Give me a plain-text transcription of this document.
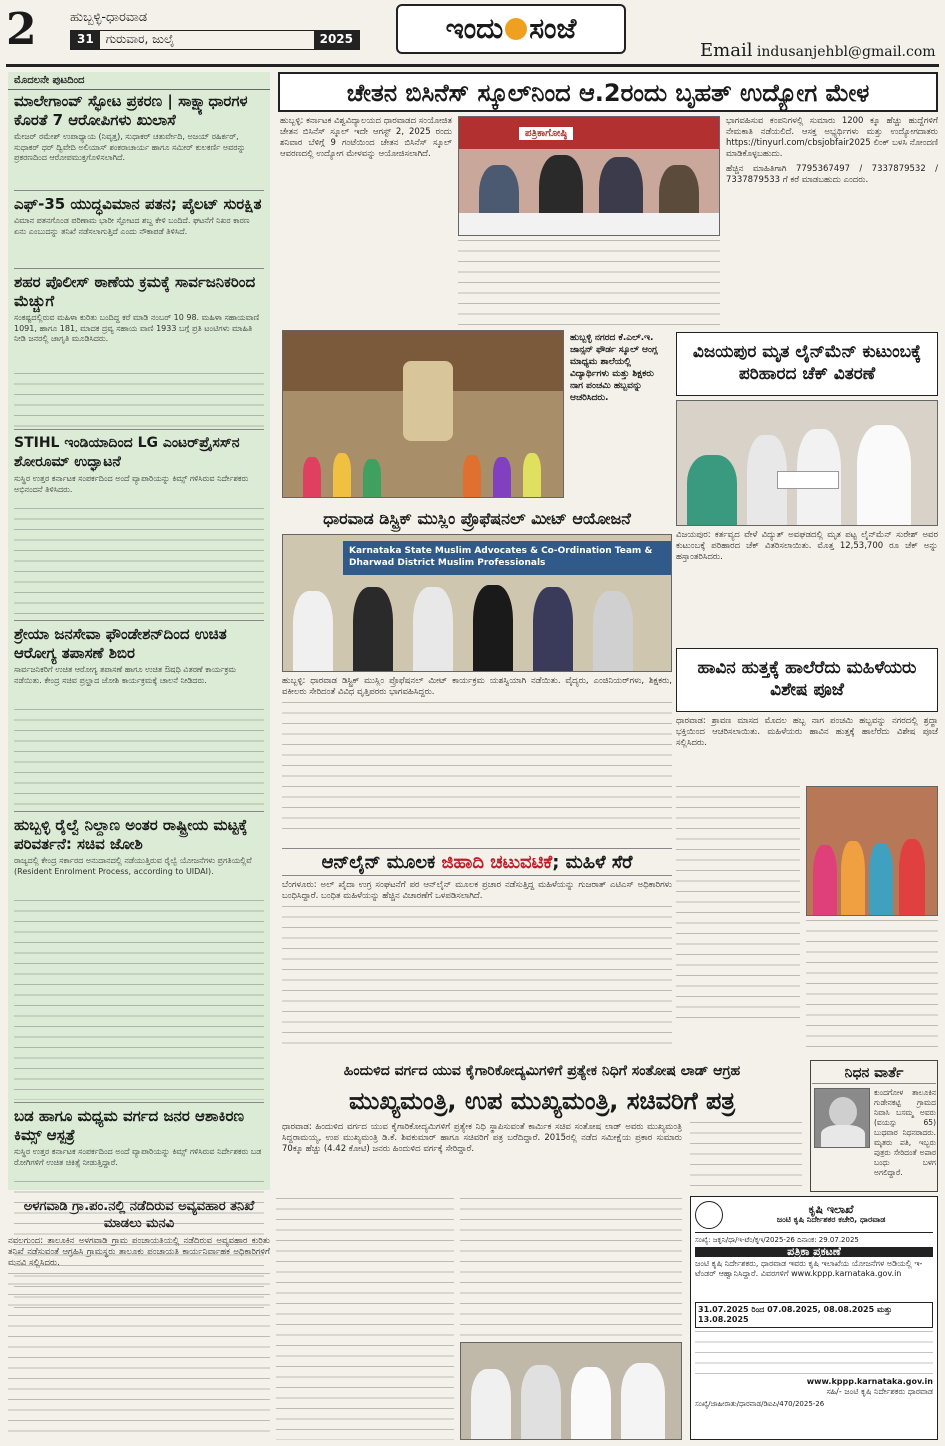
2	ಹುಬ್ಬಳ್ಳಿ-ಧಾರವಾಡ
31	ಗುರುವಾರ, ಜುಲೈ	2025	ಇಂದು ಸಂಜೆ
Email indusanjehbl@gmail.com
ಮೊದಲನೇ ಪುಟದಿಂದ
ಮಾಲೇಗಾಂವ್ ಸ್ಫೋಟ ಪ್ರಕರಣ | ಸಾಕ್ಷ್ಯಾಧಾರಗಳ ಕೊರತೆ 7 ಆರೋಪಿಗಳು ಖುಲಾಸೆ
ಮೇಜರ್ ರಮೇಶ್ ಉಪಾಧ್ಯಾಯ (ನಿವೃತ್ತ), ಸುಧಾಕರ್ ಚತುರ್ವೇದಿ, ಅಜಯ್ ರಹಿರ್ಕರ್, ಸುಧಾಕರ್ ಧರ್ ದ್ವಿವೇದಿ ಅಲಿಯಾಸ್ ಶಂಕರಾಚಾರ್ಯ ಹಾಗೂ ಸಮೀರ್ ಕುಲಕರ್ಣಿ ಅವರನ್ನು ಪ್ರಕರಣದಿಂದ ಆರೋಪಮುಕ್ತಗೊಳಿಸಲಾಗಿದೆ.
ಎಫ್-35 ಯುದ್ಧವಿಮಾನ ಪತನ; ಪೈಲಟ್ ಸುರಕ್ಷಿತ
ವಿಮಾನ ಪತನಗೊಂಡ ಪರಿಣಾಮ ಭಾರೀ ಸ್ಫೋಟದ ಶಬ್ದ ಕೇಳಿ ಬಂದಿದೆ. ಘಟನೆಗೆ ನಿಖರ ಕಾರಣ ಏನು ಎಂಬುದನ್ನು ತನಿಖೆ ನಡೆಸಲಾಗುತ್ತಿದೆ ಎಂದು ನೌಕಾಪಡೆ ತಿಳಿಸಿದೆ.
ಶಹರ ಪೊಲೀಸ್ ಠಾಣೆಯ ಕ್ರಮಕ್ಕೆ ಸಾರ್ವಜನಿಕರಿಂದ ಮೆಚ್ಚುಗೆ
ಸಂಕಷ್ಟದಲ್ಲಿರುವ ಮಹಿಳಾ ಕುರಿತು ಬಂದಿದ್ದ ಕರೆ ಮಾಡಿ ನಂಬರ್ 10 98. ಮಹಿಳಾ ಸಹಾಯವಾಣಿ 1091, ಹಾಗೂ 181, ಮಾದಕ ದ್ರವ್ಯ ಸಹಾಯ ವಾಣಿ 1933 ಬಗ್ಗೆ ಪ್ರತಿ ಟಂಟಿಗಳು ಮಾಹಿತಿ ನೀಡಿ ಜನರಲ್ಲಿ ಜಾಗೃತಿ ಮೂಡಿಸಿದರು.
STIHL ಇಂಡಿಯಾದಿಂದ LG ಎಂಟರ್‌ಪ್ರೈಸಸ್‌ನ ಶೋರೂಮ್ ಉದ್ಘಾಟನೆ
ಸುಸ್ಥಿರ ಉತ್ತರ ಕರ್ನಾಟಕ ಸಂಪರ್ಕದಿಂದ ಅಂದೆ ವ್ಯಾಪಾರಿಯನ್ನು ಕಿಮ್ಸ್ ಗಳಿಸಿರುವ ನಿರ್ದೇಶಕರು ಅಭಿನಂದನೆ ತಿಳಿಸಿದರು.
ಶ್ರೇಯಾ ಜನಸೇವಾ ಫೌಂಡೇಶನ್‌ದಿಂದ ಉಚಿತ ಆರೋಗ್ಯ ತಪಾಸಣೆ ಶಿಬಿರ
ಸಾರ್ವಜನಿಕರಿಗೆ ಉಚಿತ ಆರೋಗ್ಯ ತಪಾಸಣೆ ಹಾಗೂ ಉಚಿತ ಔಷಧಿ ವಿತರಣೆ ಕಾರ್ಯಕ್ರಮ ನಡೆಯಿತು. ಕೇಂದ್ರ ಸಚಿವ ಪ್ರಲ್ಹಾದ ಜೋಶಿ ಕಾರ್ಯಕ್ರಮಕ್ಕೆ ಚಾಲನೆ ನೀಡಿದರು.
ಹುಬ್ಬಳ್ಳಿ ರೈಲ್ವೆ ನಿಲ್ದಾಣ ಅಂತರ ರಾಷ್ಟ್ರೀಯ ಮಟ್ಟಕ್ಕೆ ಪರಿವರ್ತನೆ: ಸಚಿವ ಜೋಶಿ
ರಾಜ್ಯದಲ್ಲಿ ಕೇಂದ್ರ ಸರ್ಕಾರದ ಅನುದಾನದಲ್ಲಿ ನಡೆಯುತ್ತಿರುವ ರೈಲ್ವೆ ಯೋಜನೆಗಳು ಪ್ರಗತಿಯಲ್ಲಿವೆ (Resident Enrolment Process, according to UIDAI).
ಬಡ ಹಾಗೂ ಮಧ್ಯಮ ವರ್ಗದ ಜನರ ಆಶಾಕಿರಣ ಕಿಮ್ಸ್ ಆಸ್ಪತ್ರೆ
ಸುಸ್ಥಿರ ಉತ್ತರ ಕರ್ನಾಟಕ ಸಂಪರ್ಕದಿಂದ ಅಂದೆ ವ್ಯಾಪಾರಿಯನ್ನು ಕಿಮ್ಸ್ ಗಳಿಸಿರುವ ನಿರ್ದೇಶಕರು ಬಡ ರೋಗಿಗಳಿಗೆ ಉಚಿತ ಚಿಕಿತ್ಸೆ ನೀಡುತ್ತಿದ್ದಾರೆ.
ಚೇತನ ಬಿಸಿನೆಸ್ ಸ್ಕೂಲ್‌ನಿಂದ ಆ.2ರಂದು ಬೃಹತ್ ಉದ್ಯೋಗ ಮೇಳ
ಹುಬ್ಬಳ್ಳಿ: ಕರ್ನಾಟಕ ವಿಶ್ವವಿದ್ಯಾಲಯದ ಧಾರವಾಡದ ಸಂಯೋಜಿತ ಚೇತನ ಬಿಸಿನೆಸ್ ಸ್ಕೂಲ್ ಇದೇ ಆಗಸ್ಟ್ 2, 2025 ರಂದು ಶನಿವಾರ ಬೆಳಿಗ್ಗೆ 9 ಗಂಟೆಯಿಂದ ಚೇತನ ಬಿಸಿನೆಸ್ ಸ್ಕೂಲ್ ಆವರಣದಲ್ಲಿ ಉದ್ಯೋಗ ಮೇಳವನ್ನು ಆಯೋಜಿಸಲಾಗಿದೆ.
ಪತ್ರಿಕಾಗೋಷ್ಠಿ

ಭಾಗವಹಿಸುವ ಕಂಪನಿಗಳಲ್ಲಿ ಸುಮಾರು 1200 ಕ್ಕೂ ಹೆಚ್ಚು ಹುದ್ದೆಗಳಿಗೆ ನೇಮಕಾತಿ ನಡೆಯಲಿದೆ. ಆಸಕ್ತ ಅಭ್ಯರ್ಥಿಗಳು ಮತ್ತು ಉದ್ಯೋಗದಾತರು https://tinyurl.com/cbsjobfair2025 ಲಿಂಕ್ ಬಳಸಿ ನೋಂದಣಿ ಮಾಡಿಕೊಳ್ಳಬಹುದು.

ಹೆಚ್ಚಿನ ಮಾಹಿತಿಗಾಗಿ 7795367497 / 7337879532 / 7337879533 ಗೆ ಕರೆ ಮಾಡಬಹುದು ಎಂದರು.

ಹುಬ್ಬಳ್ಳಿ ನಗರದ ಕೆ.ಎಲ್.ಇ. ಜಾನ್ಸನ್ ಫೌರ್ಡ ಸ್ಕೂಲ್ ಆಂಗ್ಲ ಮಾಧ್ಯಮ ಶಾಲೆಯಲ್ಲಿ ವಿದ್ಯಾರ್ಥಿಗಳು ಮತ್ತು ಶಿಕ್ಷಕರು ನಾಗ ಪಂಚಮಿ ಹಬ್ಬವನ್ನು ಆಚರಿಸಿದರು.
ವಿಜಯಪುರ ಮೃತ ಲೈನ್‌ಮೆನ್ ಕುಟುಂಬಕ್ಕೆ ಪರಿಹಾರದ ಚೆಕ್ ವಿತರಣೆ
ವಿಜಯಪುರ: ಕರ್ತವ್ಯದ ವೇಳೆ ವಿದ್ಯುತ್ ಅವಘಡದಲ್ಲಿ ಮೃತ ಪಟ್ಟ ಲೈನ್‌ಮೆನ್ ಸುರೇಶ್ ಅವರ ಕುಟುಂಬಕ್ಕೆ ಪರಿಹಾರದ ಚೆಕ್ ವಿತರಿಸಲಾಯಿತು. ಮೊತ್ತ 12,53,700 ರೂ ಚೆಕ್ ಅನ್ನು ಹಸ್ತಾಂತರಿಸಿದರು.
ಧಾರವಾಡ ಡಿಸ್ಟ್ರಿಕ್ ಮುಸ್ಲಿಂ ಪ್ರೊಫೆಷನಲ್ ಮೀಟ್ ಆಯೋಜನೆ
Karnataka State Muslim Advocates & Co-Ordination Team & Dharwad District Muslim Professionals

ಹುಬ್ಬಳ್ಳಿ: ಧಾರವಾಡ ಡಿಸ್ಟ್ರಿಕ್ ಮುಸ್ಲಿಂ ಪ್ರೊಫೆಷನಲ್ ಮೀಟ್ ಕಾರ್ಯಕ್ರಮ ಯಶಸ್ವಿಯಾಗಿ ನಡೆಯಿತು. ವೈದ್ಯರು, ಎಂಜಿನಿಯರ್‌ಗಳು, ಶಿಕ್ಷಕರು, ವಕೀಲರು ಸೇರಿದಂತೆ ವಿವಿಧ ವೃತ್ತಿಪರರು ಭಾಗವಹಿಸಿದ್ದರು.

ಹಾವಿನ ಹುತ್ತಕ್ಕೆ ಹಾಲೆರೆದು ಮಹಿಳೆಯರು ವಿಶೇಷ ಪೂಜೆ
ಧಾರವಾಡ: ಶ್ರಾವಣ ಮಾಸದ ಮೊದಲ ಹಬ್ಬ ನಾಗ ಪಂಚಮಿ ಹಬ್ಬವನ್ನು ನಗರದಲ್ಲಿ ಶ್ರದ್ಧಾ ಭಕ್ತಿಯಿಂದ ಆಚರಿಸಲಾಯಿತು. ಮಹಿಳೆಯರು ಹಾವಿನ ಹುತ್ತಕ್ಕೆ ಹಾಲೆರೆದು ವಿಶೇಷ ಪೂಜೆ ಸಲ್ಲಿಸಿದರು.
ಆನ್‌ಲೈನ್ ಮೂಲಕ ಜಿಹಾದಿ ಚಟುವಟಿಕೆ; ಮಹಿಳೆ ಸೆರೆ

ಬೆಂಗಳೂರು: ಅಲ್ ಖೈದಾ ಉಗ್ರ ಸಂಘಟನೆಗೆ ಪರ ಆನ್‌ಲೈನ್ ಮೂಲಕ ಪ್ರಚಾರ ನಡೆಸುತ್ತಿದ್ದ ಮಹಿಳೆಯನ್ನು ಗುಜರಾತ್ ಎಟಿಎಸ್ ಅಧಿಕಾರಿಗಳು ಬಂಧಿಸಿದ್ದಾರೆ. ಬಂಧಿತ ಮಹಿಳೆಯನ್ನು ಹೆಚ್ಚಿನ ವಿಚಾರಣೆಗೆ ಒಳಪಡಿಸಲಾಗಿದೆ.

ಹಿಂದುಳಿದ ವರ್ಗದ ಯುವ ಕೈಗಾರಿಕೋದ್ಯಮಿಗಳಿಗೆ ಪ್ರತ್ಯೇಕ ನಿಧಿಗೆ ಸಂತೋಷ ಲಾಡ್ ಆಗ್ರಹ
ಮುಖ್ಯಮಂತ್ರಿ, ಉಪ ಮುಖ್ಯಮಂತ್ರಿ, ಸಚಿವರಿಗೆ ಪತ್ರ
ಧಾರವಾಡ: ಹಿಂದುಳಿದ ವರ್ಗದ ಯುವ ಕೈಗಾರಿಕೋದ್ಯಮಿಗಳಿಗೆ ಪ್ರತ್ಯೇಕ ನಿಧಿ ಸ್ಥಾಪಿಸುವಂತೆ ಕಾರ್ಮಿಕ ಸಚಿವ ಸಂತೋಷ ಲಾಡ್ ಅವರು ಮುಖ್ಯಮಂತ್ರಿ ಸಿದ್ದರಾಮಯ್ಯ, ಉಪ ಮುಖ್ಯಮಂತ್ರಿ ಡಿ.ಕೆ. ಶಿವಕುಮಾರ್ ಹಾಗೂ ಸಚಿವರಿಗೆ ಪತ್ರ ಬರೆದಿದ್ದಾರೆ. 2015ರಲ್ಲಿ ನಡೆದ ಸಮೀಕ್ಷೆಯ ಪ್ರಕಾರ ಸುಮಾರು 70ಕ್ಕೂ ಹೆಚ್ಚು (4.42 ಕೋಟಿ) ಜನರು ಹಿಂದುಳಿದ ವರ್ಗಕ್ಕೆ ಸೇರಿದ್ದಾರೆ.
ನಿಧನ ವಾರ್ತೆ
ಕುಂದಗೋಳ ತಾಲೂಕಿನ ಗುಡೇನಕಟ್ಟಿ ಗ್ರಾಮದ ನಿವಾಸಿ ಬಸಮ್ಮ ಅವರು (ವಯಸ್ಸು 65) ಬುಧವಾರ ನಿಧನರಾದರು. ಮೃತರು ಪತಿ, ಇಬ್ಬರು ಪುತ್ರರು ಸೇರಿದಂತೆ ಅಪಾರ ಬಂಧು ಬಳಗ ಅಗಲಿದ್ದಾರೆ.
ಅಳಗವಾಡಿ ಗ್ರಾ.ಪಂ.ನಲ್ಲಿ ನಡೆದಿರುವ ಅವ್ಯವಹಾರ ತನಿಖೆ ಮಾಡಲು ಮನವಿ

ನವಲಗುಂದ: ತಾಲೂಕಿನ ಅಳಗವಾಡಿ ಗ್ರಾಮ ಪಂಚಾಯತಿಯಲ್ಲಿ ನಡೆದಿರುವ ಅವ್ಯವಹಾರ ಕುರಿತು ತನಿಖೆ ನಡೆಸುವಂತೆ ಆಗ್ರಹಿಸಿ ಗ್ರಾಮಸ್ಥರು ತಾಲೂಕು ಪಂಚಾಯತಿ ಕಾರ್ಯನಿರ್ವಾಹಕ ಅಧಿಕಾರಿಗಳಿಗೆ ಮನವಿ ಸಲ್ಲಿಸಿದರು.

ಕೃಷಿ ಇಲಾಖೆ
ಜಂಟಿ ಕೃಷಿ ನಿರ್ದೇಶಕರ ಕಚೇರಿ, ಧಾರವಾಡ
ಸಂಖ್ಯೆ: ಜಕೃನಿ/ಧಾ/ಇ-ಟೆಂ/ಕೃಇ/2025-26 ದಿನಾಂಕ: 29.07.2025
ಪತ್ರಿಕಾ ಪ್ರಕಟಣೆ
ಜಂಟಿ ಕೃಷಿ ನಿರ್ದೇಶಕರು, ಧಾರವಾಡ ಇವರು ಕೃಷಿ ಇಲಾಖೆಯ ಯೋಜನೆಗಳ ಅಡಿಯಲ್ಲಿ ಇ-ಟೆಂಡರ್ ಆಹ್ವಾನಿಸಿದ್ದಾರೆ. ವಿವರಗಳಿಗೆ www.kppp.karnataka.gov.in
31.07.2025 ರಿಂದ 07.08.2025, 08.08.2025 ಮತ್ತು 13.08.2025
www.kppp.karnataka.gov.in
ಸಹಿ/- ಜಂಟಿ ಕೃಷಿ ನಿರ್ದೇಶಕರು ಧಾರವಾಡ
ಸಂಖ್ಯೆ/ಜಾಹೀರಾತು/ಧಾರವಾಡ/ಡಿಐಪಿ/470/2025-26
